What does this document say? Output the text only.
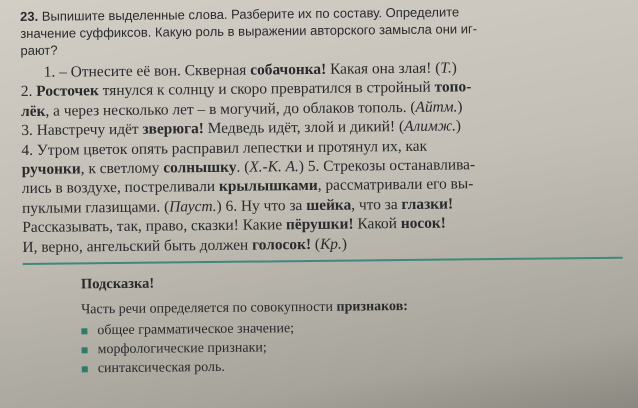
23. Выпишите выделенные слова. Разберите их по составу. Определите
значение суффиксов. Какую роль в выражении авторского замысла они иг-
рают?

1. – Отнесите её вон. Скверная собачонка! Какая она злая! (Т.)
2. Росточек тянулся к солнцу и скоро превратился в стройный топо-
лёк, а через несколько лет – в могучий, до облаков тополь. (Айтм.)
3. Навстречу идёт зверюга! Медведь идёт, злой и дикий! (Алимж.)
4. Утром цветок опять расправил лепестки и протянул их, как
ручонки, к светлому солнышку. (Х.-К. А.) 5. Стрекозы останавлива-
лись в воздухе, постреливали крылышками, рассматривали его вы-
пуклыми глазищами. (Пауст.) 6. Ну что за шейка, что за глазки!
Рассказывать, так, право, сказки! Какие пёрушки! Какой носок!
И, верно, ангельский быть должен голосок! (Кр.)

Подсказка!

Часть речи определяется по совокупности признаков:

общее грамматическое значение;
морфологические признаки;
синтаксическая роль.
